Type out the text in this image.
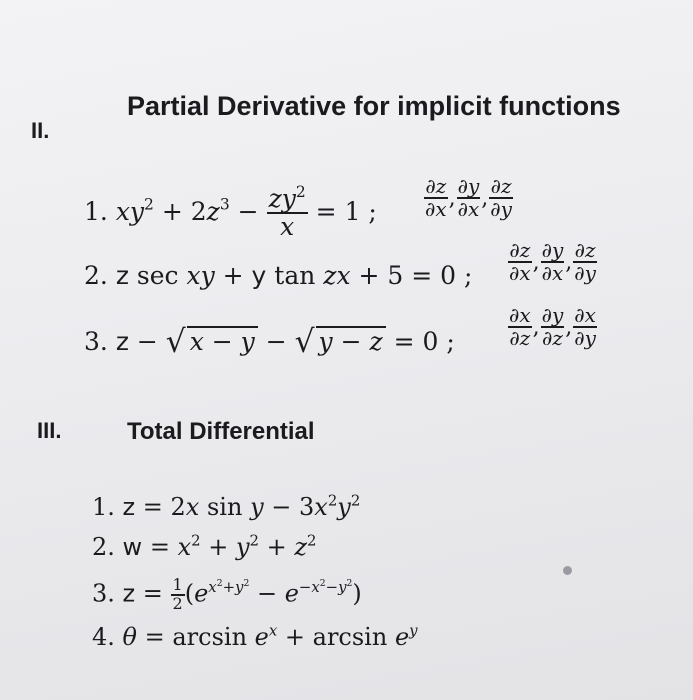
II.
Partial Derivative for implicit functions
1. $xy^2 + 2z^3 - \frac{zy^2}{x} = 1$ ; $\frac{\partial z}{\partial x}$ , $\frac{\partial y}{\partial x}$ , $\frac{\partial z}{\partial y}$
2. z sec xy + y tan zx + 5 = 0 ; $\frac{\partial z}{\partial x}$ , $\frac{\partial y}{\partial x}$ , $\frac{\partial z}{\partial y}$
3. z − √ x − y − √ y − z = 0 ;	$\frac{\partial x}{\partial z}$ , $\frac{\partial y}{\partial z}$ , $\frac{\partial x}{\partial y}$
III.	Total Differential
1. z = 2x $\sin y - 3x^2y^2$
2. $w = x^2 + y^2 + z^2$
3. $z = \frac{1}{2} (e^{x^2+y^2} - e^{-x^2-y^2})$
4. $\theta = \arcsin e^x + \arcsin e^y$
